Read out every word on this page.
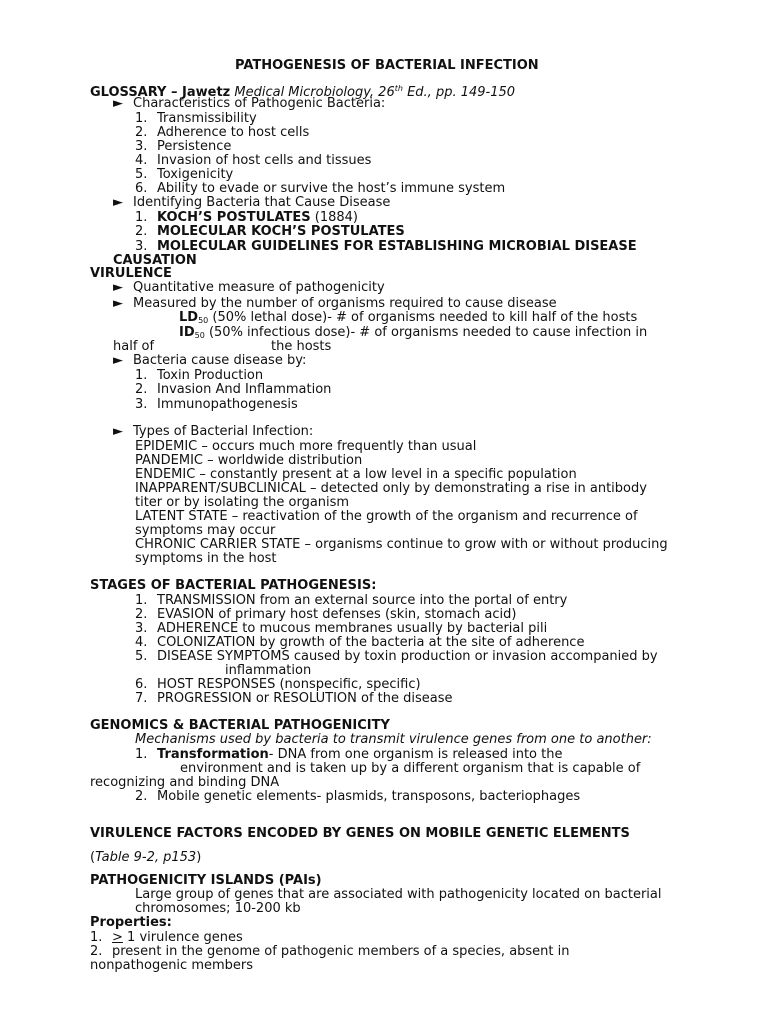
PATHOGENESIS OF BACTERIAL INFECTION
GLOSSARY – Jawetz Medical Microbiology, 26th Ed., pp. 149-150
► Characteristics of Pathogenic Bacteria:
1. Transmissibility
2. Adherence to host cells
3. Persistence
4. Invasion of host cells and tissues
5. Toxigenicity
6. Ability to evade or survive the host’s immune system
► Identifying Bacteria that Cause Disease
1. KOCH’S POSTULATES (1884)
2. MOLECULAR KOCH’S POSTULATES
3. MOLECULAR GUIDELINES FOR ESTABLISHING MICROBIAL DISEASE
CAUSATION
VIRULENCE
► Quantitative measure of pathogenicity
► Measured by the number of organisms required to cause disease
$LD_{50}$ (50% lethal dose)- # of organisms needed to kill half of the hosts
$ID_{50}$ (50% infectious dose)- # of organisms needed to cause infection in
half of	the hosts
► Bacteria cause disease by:
1. Toxin Production
2. Invasion And Inflammation
3. Immunopathogenesis
► Types of Bacterial Infection:
EPIDEMIC – occurs much more frequently than usual
PANDEMIC – worldwide distribution
ENDEMIC – constantly present at a low level in a specific population
INAPPARENT/SUBCLINICAL – detected only by demonstrating a rise in antibody
titer or by isolating the organism
LATENT STATE – reactivation of the growth of the organism and recurrence of
symptoms may occur
CHRONIC CARRIER STATE – organisms continue to grow with or without producing
symptoms in the host
STAGES OF BACTERIAL PATHOGENESIS:
1. TRANSMISSION from an external source into the portal of entry
2. EVASION of primary host defenses (skin, stomach acid)
3. ADHERENCE to mucous membranes usually by bacterial pili
4. COLONIZATION by growth of the bacteria at the site of adherence
5. DISEASE SYMPTOMS caused by toxin production or invasion accompanied by
inflammation
6. HOST RESPONSES (nonspecific, specific)
7. PROGRESSION or RESOLUTION of the disease
GENOMICS & BACTERIAL PATHOGENICITY
Mechanisms used by bacteria to transmit virulence genes from one to another:
1. Transformation- DNA from one organism is released into the
environment and is taken up by a different organism that is capable of
recognizing and binding DNA
2. Mobile genetic elements- plasmids, transposons, bacteriophages
VIRULENCE FACTORS ENCODED BY GENES ON MOBILE GENETIC ELEMENTS
(Table 9-2, p153)
PATHOGENICITY ISLANDS (PAIs)
Large group of genes that are associated with pathogenicity located on bacterial
chromosomes; 10-200 kb
Properties:
1. > 1 virulence genes
2. present in the genome of pathogenic members of a species, absent in
nonpathogenic members
